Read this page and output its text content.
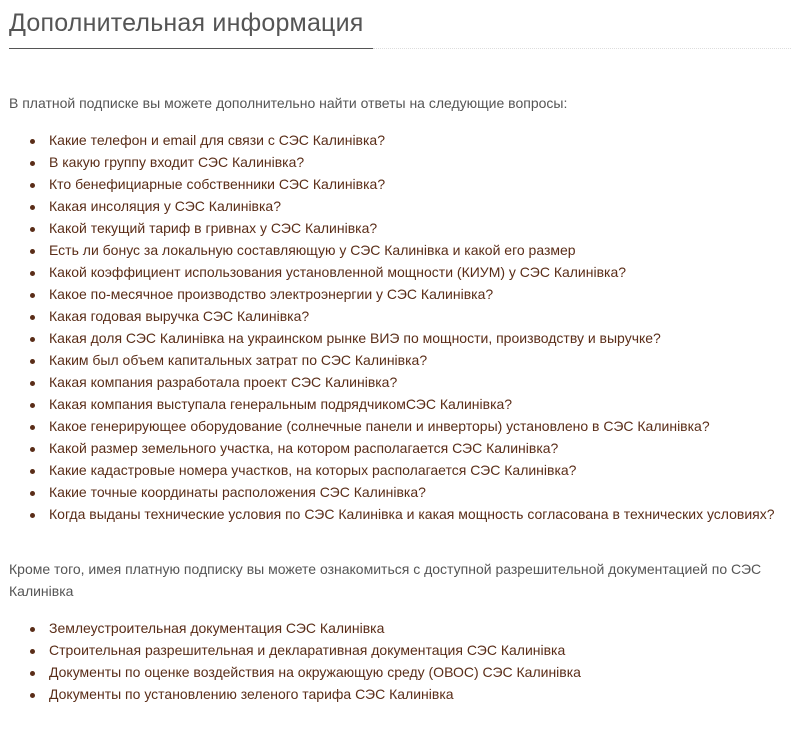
Дополнительная информация

В платной подписке вы можете дополнительно найти ответы на следующие вопросы:

Какие телефон и email для связи с СЭС Калинівка?
В какую группу входит СЭС Калинівка?
Кто бенефициарные собственники СЭС Калинівка?
Какая инсоляция у СЭС Калинівка?
Какой текущий тариф в гривнах у СЭС Калинівка?
Есть ли бонус за локальную составляющую у СЭС Калинівка и какой его размер
Какой коэффициент использования установленной мощности (КИУМ) у СЭС Калинівка?
Какое по-месячное производство электроэнергии у СЭС Калинівка?
Какая годовая выручка СЭС Калинівка?
Какая доля СЭС Калинівка на украинском рынке ВИЭ по мощности, производству и выручке?
Каким был объем капитальных затрат по СЭС Калинівка?
Какая компания разработала проект СЭС Калинівка?
Какая компания выступала генеральным подрядчикомСЭС Калинівка?
Какое генерирующее оборудование (солнечные панели и инверторы) установлено в СЭС Калинівка?
Какой размер земельного участка, на котором располагается СЭС Калинівка?
Какие кадастровые номера участков, на которых располагается СЭС Калинівка?
Какие точные координаты расположения СЭС Калинівка?
Когда выданы технические условия по СЭС Калинівка и какая мощность согласована в технических условиях?

Кроме того, имея платную подписку вы можете ознакомиться с доступной разрешительной документацией по СЭС Калинівка

Землеустроительная документация СЭС Калинівка
Строительная разрешительная и декларативная документация СЭС Калинівка
Документы по оценке воздействия на окружающую среду (ОВОС) СЭС Калинівка
Документы по установлению зеленого тарифа СЭС Калинівка
